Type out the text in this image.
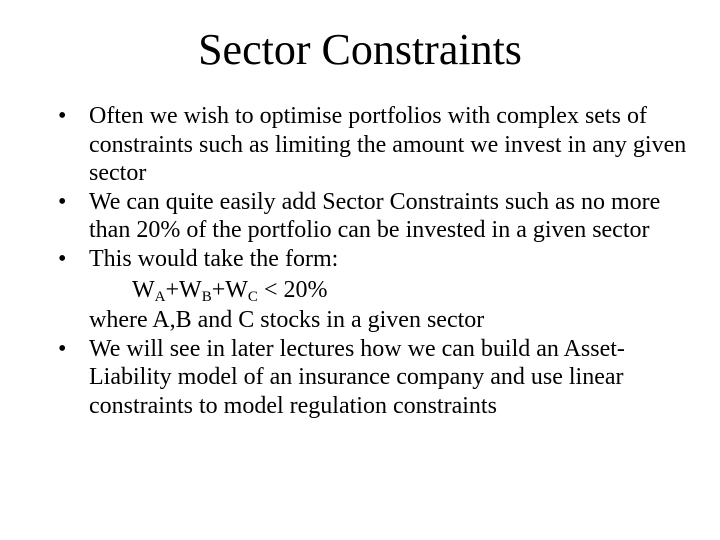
Sector Constraints
• Often we wish to optimise portfolios with complex sets of constraints such as limiting the amount we invest in any given sector
• We can quite easily add Sector Constraints such as no more than 20% of the portfolio can be invested in a given sector
• This would take the form:
$W_A+W_B+W_C < 20\%$
where A,B and C stocks in a given sector
• We will see in later lectures how we can build an Asset-Liability model of an insurance company and use linear constraints to model regulation constraints
